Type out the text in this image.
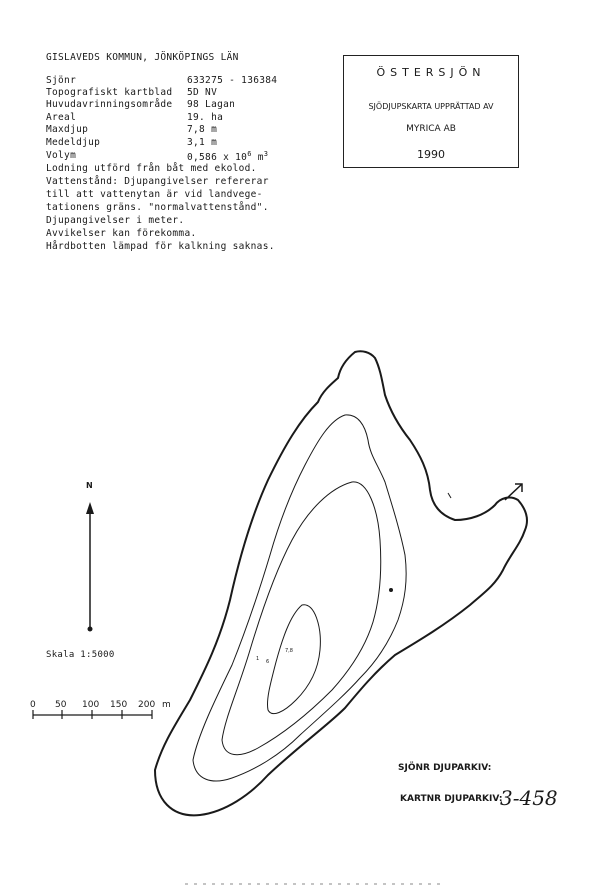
GISLAVEDS KOMMUN, JÖNKÖPINGS LÄN
Sjönr	633275 - 136384
Topografiskt kartblad 5D NV
Huvudavrinningsområde 98 Lagan
Areal	19. ha
Maxdjup	7,8 m
Medeldjup	3,1 m
Volym	0,586 x $10^6$ $m^3$
Lodning utförd från båt med ekolod.
Vattenstånd: Djupangivelser refererar
till att vattenytan är vid landvege-
tationens gräns. "normalvattenstånd".
Djupangivelser i meter.
Avvikelser kan förekomma.
Hårdbotten lämpad för kalkning saknas.
ÖSTERSJÖN
SJÖDJUPSKARTA UPPRÄTTAD AV
MYRICA AB
1990
1 6
7,8
N
Skala 1:5000
0 50 100 150 200 m
SJÖNR DJUPARKIV:
KARTNR DJUPARKIV:
3-458
